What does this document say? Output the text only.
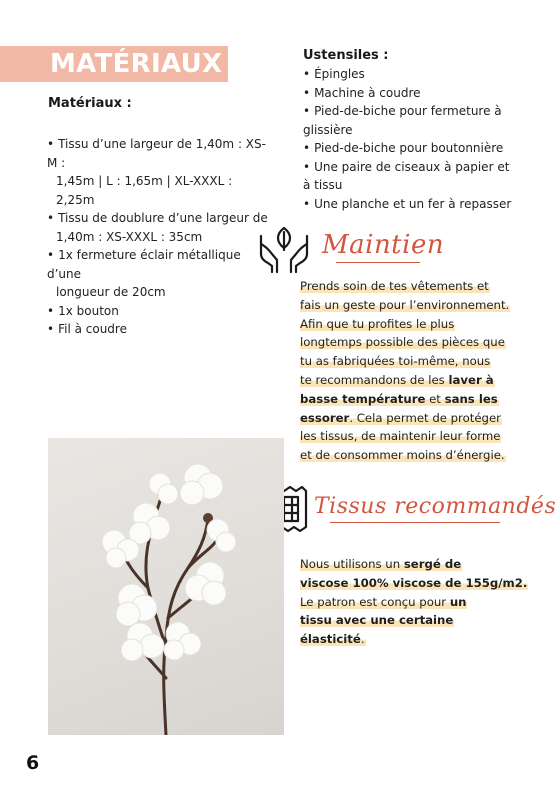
MATÉRIAUX
Matériaux :
• Tissu d’une largeur de 1,40m : XS-M :
1,45m | L : 1,65m | XL-XXXL : 2,25m
• Tissu de doublure d’une largeur de
1,40m : XS-XXXL : 35cm
• 1x fermeture éclair métallique d’une
longueur de 20cm
• 1x bouton
• Fil à coudre
Ustensiles :
• Épingles
• Machine à coudre
• Pied-de-biche pour fermeture à
glissière
• Pied-de-biche pour boutonnière
• Une paire de ciseaux à papier et
à tissu
• Une planche et un fer à repasser
Maintien
Prends soin de tes vêtements et
fais un geste pour l’environnement.
Afin que tu profites le plus
longtemps possible des pièces que
tu as fabriquées toi-même, nous
te recommandons de les laver à
basse température et sans les
essorer. Cela permet de protéger
les tissus, de maintenir leur forme
et de consommer moins d’énergie.
Tissus recommandés
Nous utilisons un sergé de
viscose 100% viscose de 155g/m2.
Le patron est conçu pour un
tissu avec une certaine
élasticité.
6
